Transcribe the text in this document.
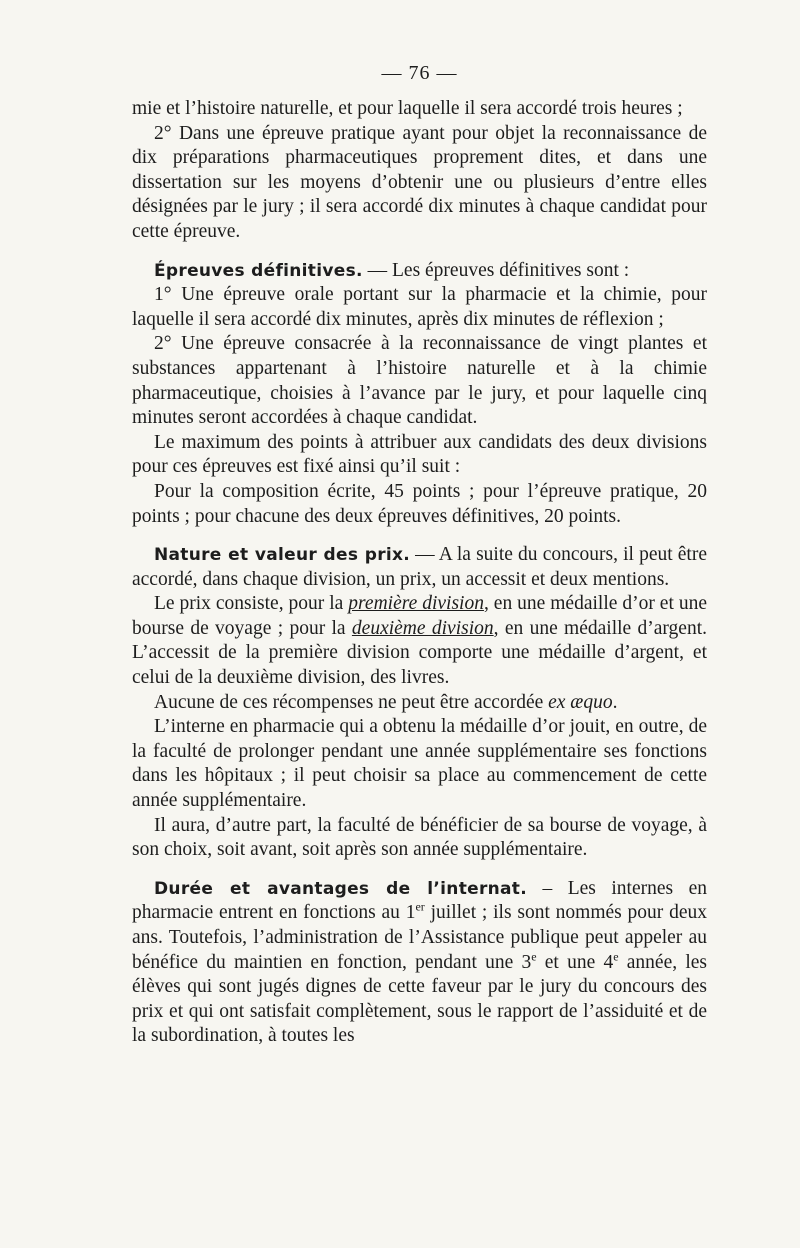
— 76 —

mie et l’histoire naturelle, et pour laquelle il sera accordé trois heures ;

2° Dans une épreuve pratique ayant pour objet la reconnaissance de dix préparations pharmaceutiques proprement dites, et dans une dissertation sur les moyens d’obtenir une ou plusieurs d’entre elles désignées par le jury ; il sera accordé dix minutes à chaque candidat pour cette épreuve.

Épreuves définitives. — Les épreuves définitives sont :

1° Une épreuve orale portant sur la pharmacie et la chimie, pour laquelle il sera accordé dix minutes, après dix minutes de réflexion ;

2° Une épreuve consacrée à la reconnaissance de vingt plantes et substances appartenant à l’histoire naturelle et à la chimie pharmaceutique, choisies à l’avance par le jury, et pour laquelle cinq minutes seront accordées à chaque candidat.

Le maximum des points à attribuer aux candidats des deux divisions pour ces épreuves est fixé ainsi qu’il suit :

Pour la composition écrite, 45 points ; pour l’épreuve pratique, 20 points ; pour chacune des deux épreuves définitives, 20 points.

Nature et valeur des prix. — A la suite du concours, il peut être accordé, dans chaque division, un prix, un accessit et deux mentions.

Le prix consiste, pour la première division, en une médaille d’or et une bourse de voyage ; pour la deuxième division, en une médaille d’argent. L’accessit de la première division comporte une médaille d’argent, et celui de la deuxième division, des livres.

Aucune de ces récompenses ne peut être accordée ex æquo.

L’interne en pharmacie qui a obtenu la médaille d’or jouit, en outre, de la faculté de prolonger pendant une année supplémentaire ses fonctions dans les hôpitaux ; il peut choisir sa place au commencement de cette année supplémentaire.

Il aura, d’autre part, la faculté de bénéficier de sa bourse de voyage, à son choix, soit avant, soit après son année supplémentaire.

Durée et avantages de l’internat. – Les internes en pharmacie entrent en fonctions au 1er juillet ; ils sont nommés pour deux ans. Toutefois, l’administration de l’Assistance publique peut appeler au bénéfice du maintien en fonction, pendant une 3e et une 4e année, les élèves qui sont jugés dignes de cette faveur par le jury du concours des prix et qui ont satisfait complètement, sous le rapport de l’assiduité et de la subordination, à toutes les
